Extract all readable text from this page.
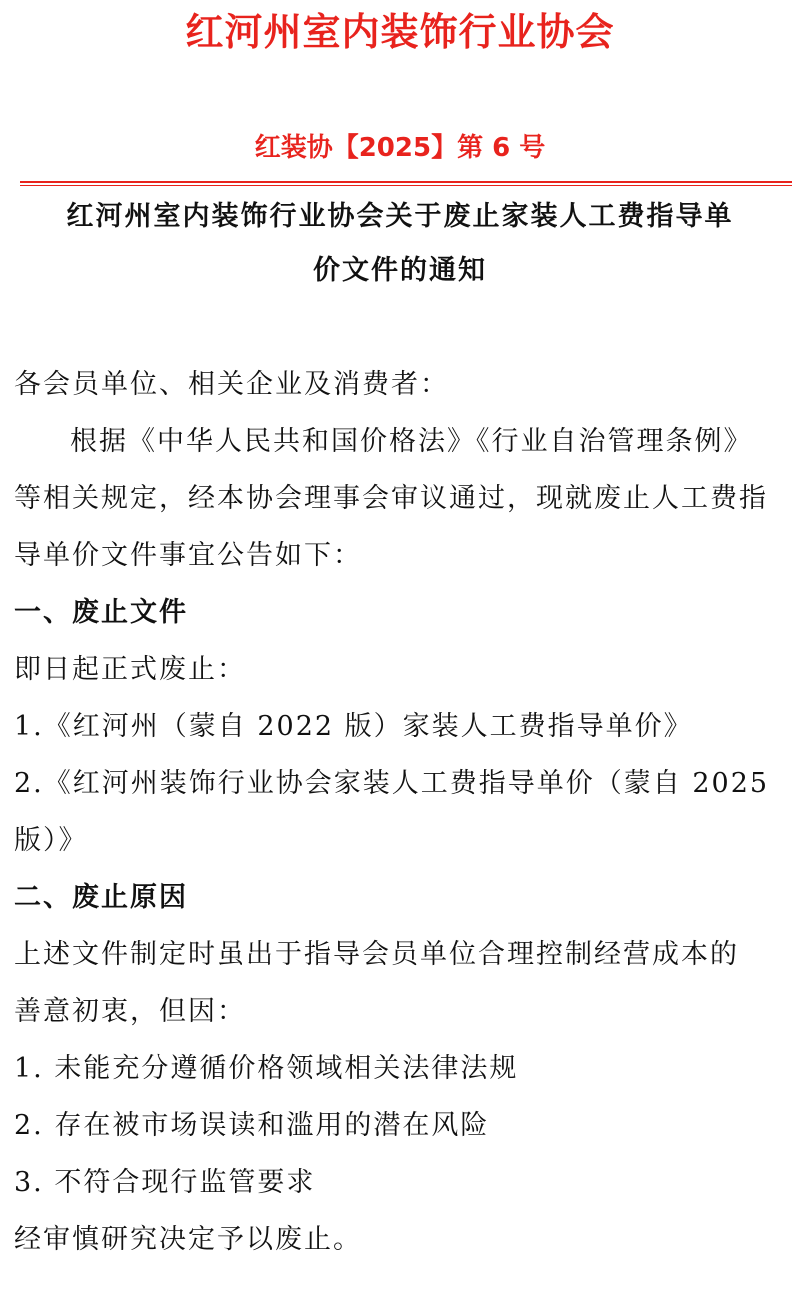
红河州室内装饰行业协会
红装协【2025】第 6 号
红河州室内装饰行业协会关于废止家装人工费指导单
价文件的通知
各会员单位、相关企业及消费者：
根据《中华人民共和国价格法》《行业自治管理条例》
等相关规定，经本协会理事会审议通过，现就废止人工费指
导单价文件事宜公告如下：
一、废止文件
即日起正式废止：
1.《红河州（蒙自 2022 版）家装人工费指导单价》
2.《红河州装饰行业协会家装人工费指导单价（蒙自 2025
版）》
二、废止原因
上述文件制定时虽出于指导会员单位合理控制经营成本的
善意初衷，但因：
1. 未能充分遵循价格领域相关法律法规
2. 存在被市场误读和滥用的潜在风险
3. 不符合现行监管要求
经审慎研究决定予以废止。
